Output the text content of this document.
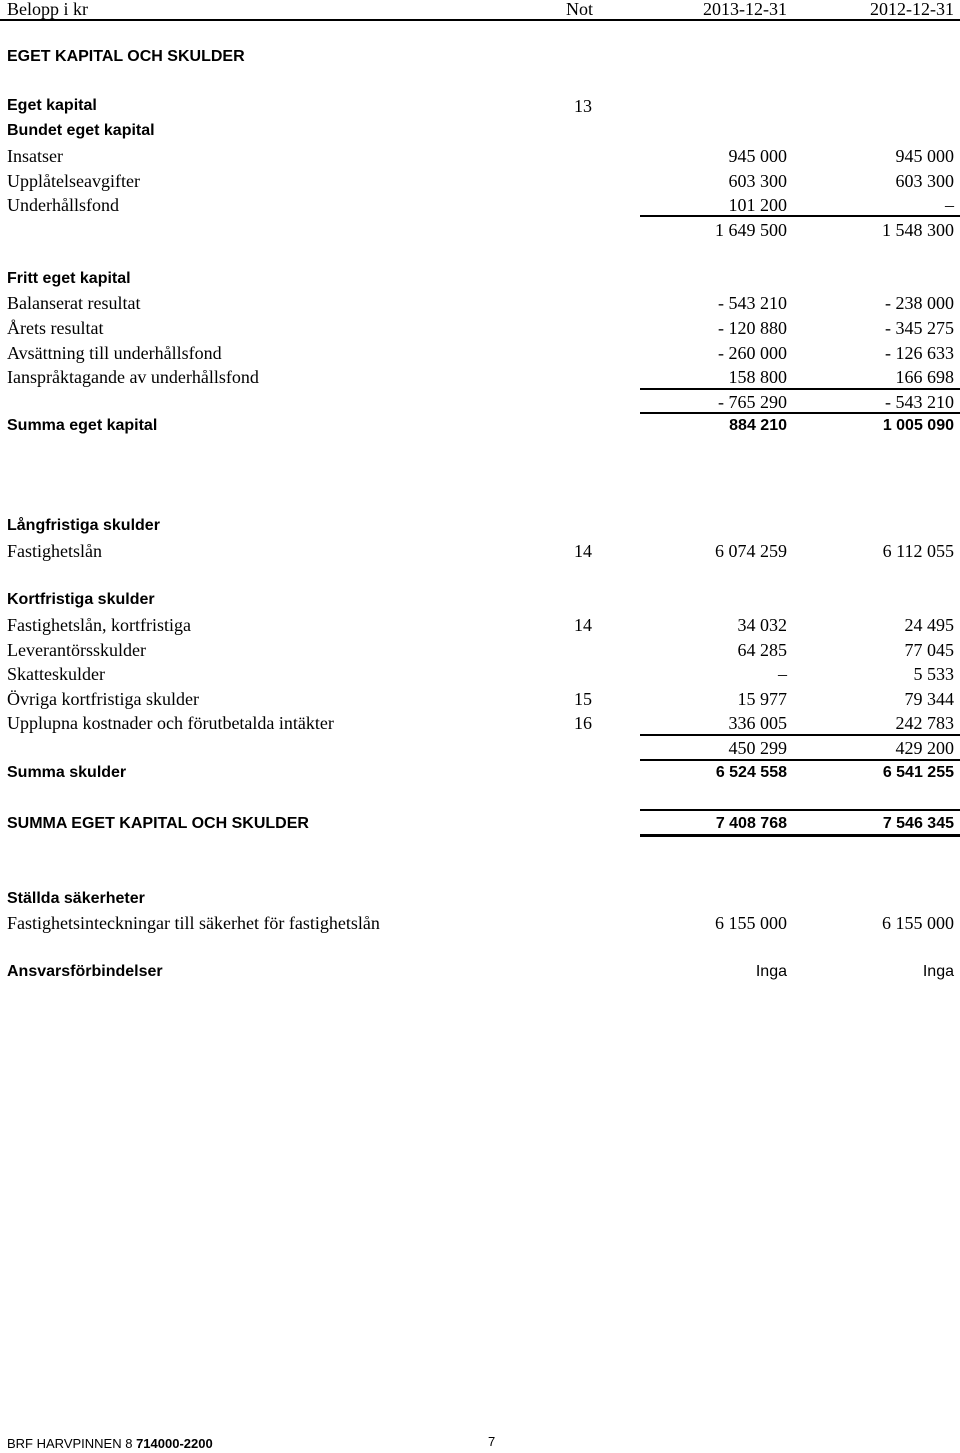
Belopp i kr	Not	2013-12-31	2012-12-31
EGET KAPITAL OCH SKULDER
Eget kapital	13
Bundet eget kapital
Insatser	945 000	945 000
Upplåtelseavgifter	603 300	603 300
Underhållsfond	101 200	–
1 649 500	1 548 300
Fritt eget kapital
Balanserat resultat	- 543 210	- 238 000
Årets resultat	- 120 880	- 345 275
Avsättning till underhållsfond	- 260 000	- 126 633
Ianspråktagande av underhållsfond	158 800	166 698
- 765 290	- 543 210
Summa eget kapital	884 210	1 005 090
Långfristiga skulder
Fastighetslån	14	6 074 259	6 112 055
Kortfristiga skulder
Fastighetslån, kortfristiga	14	34 032	24 495
Leverantörsskulder	64 285	77 045
Skatteskulder	–	5 533
Övriga kortfristiga skulder	15	15 977	79 344
Upplupna kostnader och förutbetalda intäkter	16	336 005	242 783
450 299	429 200
Summa skulder	6 524 558	6 541 255
SUMMA EGET KAPITAL OCH SKULDER	7 408 768	7 546 345
Ställda säkerheter
Fastighetsinteckningar till säkerhet för fastighetslån	6 155 000	6 155 000
Ansvarsförbindelser	Inga	Inga
BRF HARVPINNEN 8 714000-2200	7
